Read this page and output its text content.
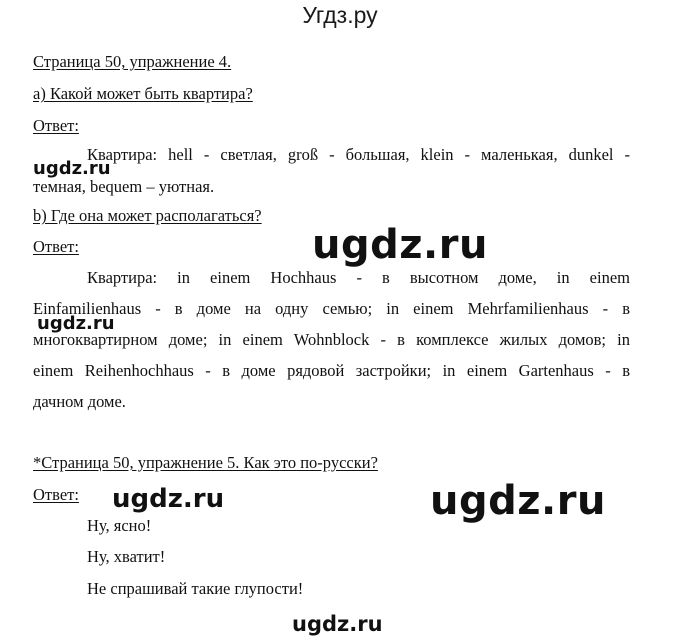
Угдз.ру
Страница 50, упражнение 4.
а) Какой может быть квартира?
Ответ:
Квартира: hell - светлая, groß - большая, klein - маленькая, dunkel -
темная, bequem – уютная.
b) Где она может располагаться?
Ответ:
Квартира: in einem Hochhaus - в высотном доме, in einem
Einfamilienhaus - в доме на одну семью; in einem Mehrfamilienhaus - в
многоквартирном доме; in einem Wohnblock - в комплексе жилых домов; in
einem Reihenhochhaus - в доме рядовой застройки; in einem Gartenhaus - в
дачном доме.
*Страница 50, упражнение 5. Как это по-русски?
Ответ:
Ну, ясно!
Ну, хватит!
Не спрашивай такие глупости!
ugdz.ru
ugdz.ru
ugdz.ru
ugdz.ru	ugdz.ru
ugdz.ru
